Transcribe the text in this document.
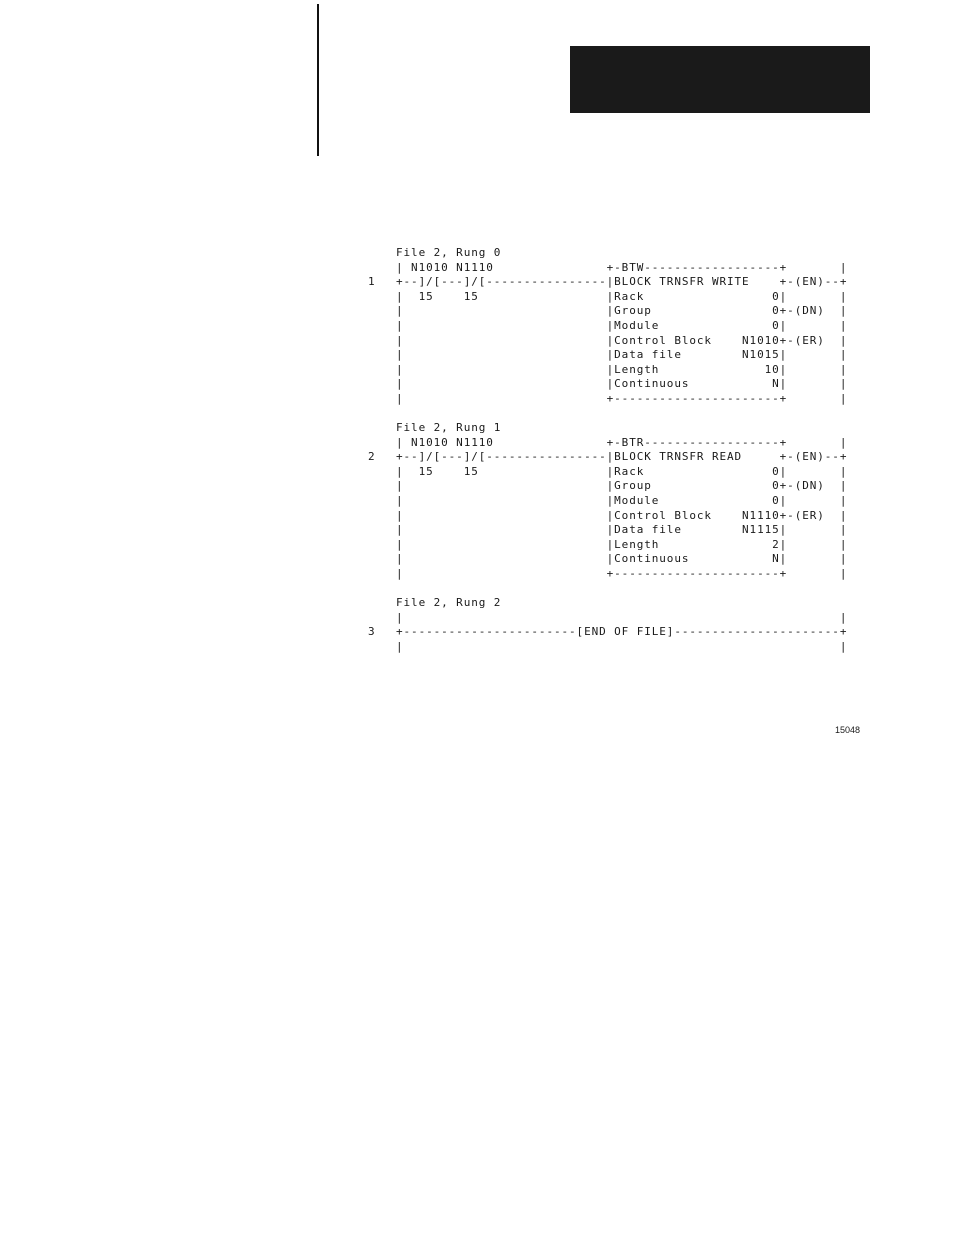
1
File 2, Rung 0
| N1010 N1110               +-BTW------------------+       |
+--]/[---]/[----------------|BLOCK TRNSFR WRITE    +-(EN)--+
|  15    15                 |Rack                 0|       |
|                           |Group                0+-(DN)  |
|                           |Module               0|       |
|                           |Control Block    N1010+-(ER)  |
|                           |Data file        N1015|       |
|                           |Length              10|       |
|                           |Continuous           N|       |
|                           +----------------------+       |
2
File 2, Rung 1
| N1010 N1110               +-BTR------------------+       |
+--]/[---]/[----------------|BLOCK TRNSFR READ     +-(EN)--+
|  15    15                 |Rack                 0|       |
|                           |Group                0+-(DN)  |
|                           |Module               0|       |
|                           |Control Block    N1110+-(ER)  |
|                           |Data file        N1115|       |
|                           |Length               2|       |
|                           |Continuous           N|       |
|                           +----------------------+       |
3
File 2, Rung 2
|                                                          |
+-----------------------[END OF FILE]----------------------+
|                                                          |
15048
